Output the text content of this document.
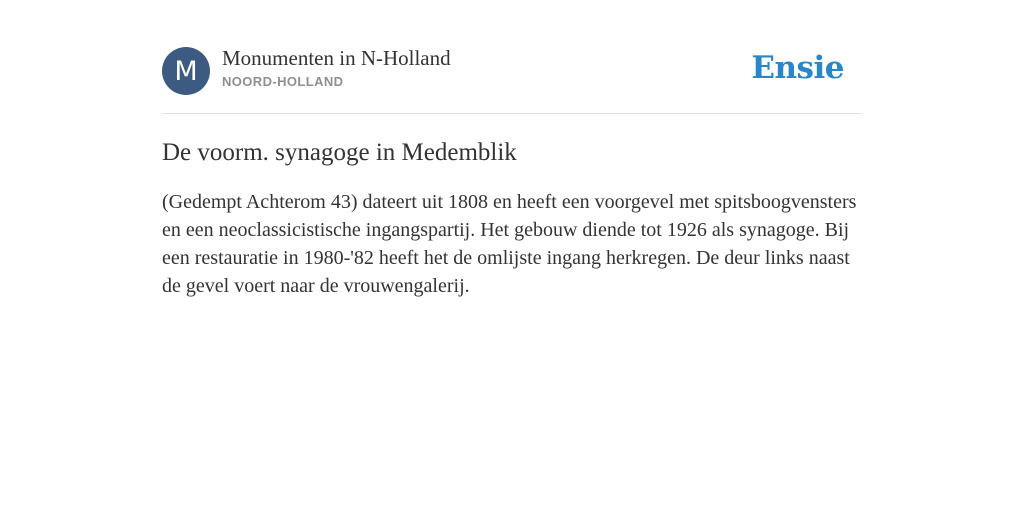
M	Monumenten in N-Holland
NOORD-HOLLAND	Ensie
De voorm. synagoge in Medemblik

(Gedempt Achterom 43) dateert uit 1808 en heeft een voorgevel met spitsboogvensters en een neoclassicistische ingangspartij. Het gebouw diende tot 1926 als synagoge. Bij een restauratie in 1980-'82 heeft het de omlijste ingang herkregen. De deur links naast de gevel voert naar de vrouwengalerij.
